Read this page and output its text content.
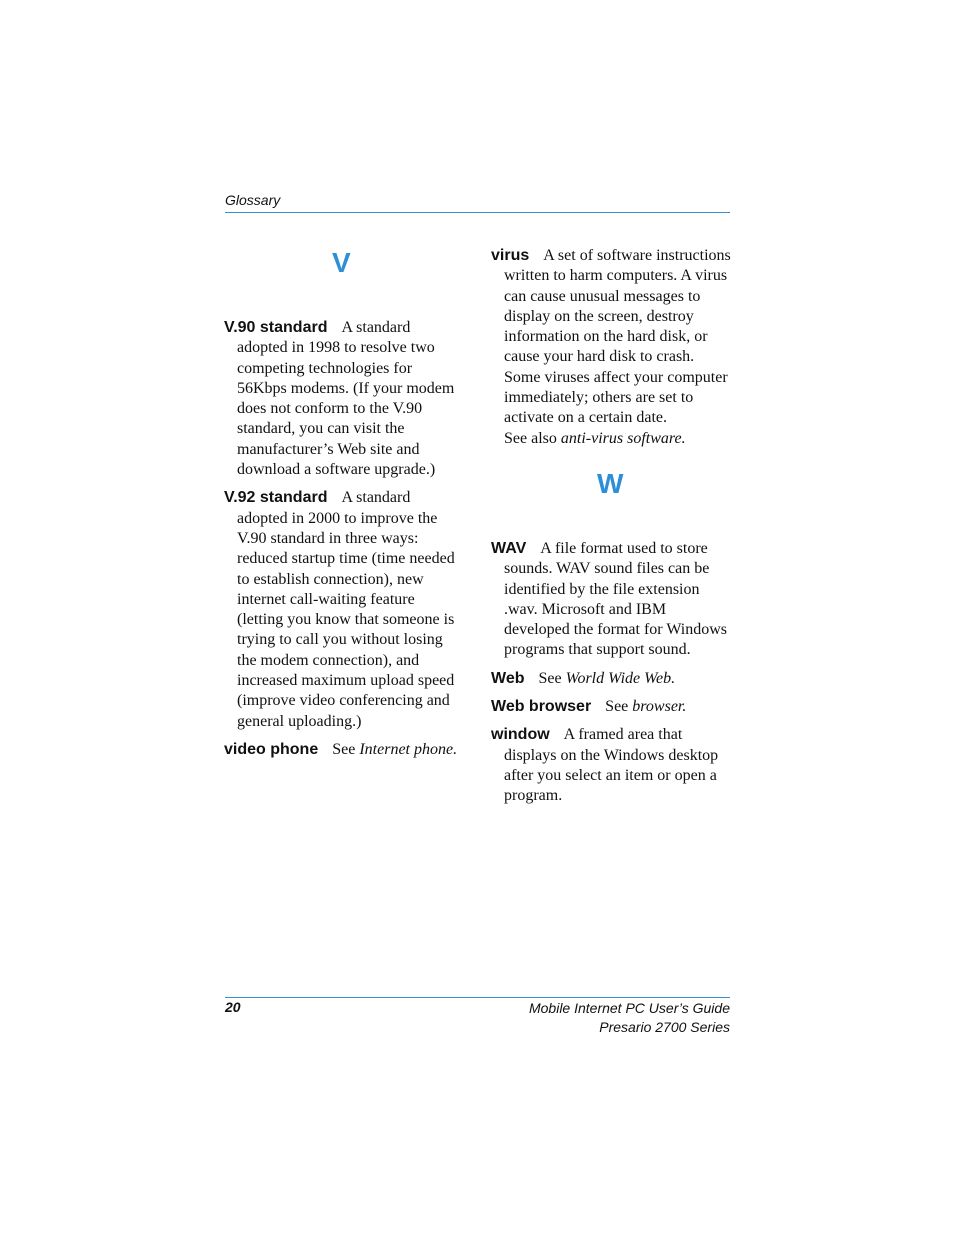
Glossary
V
V.90 standard A standard adopted in 1998 to resolve two competing technologies for 56Kbps modems. (If your modem does not conform to the V.90 standard, you can visit the manufacturer’s Web site and download a software upgrade.)
V.92 standard A standard adopted in 2000 to improve the V.90 standard in three ways: reduced startup time (time needed to establish connection), new internet call-waiting feature (letting you know that someone is trying to call you without losing the modem connection), and increased maximum upload speed (improve video conferencing and general uploading.)
video phone See Internet phone.
virus A set of software instructions written to harm computers. A virus can cause unusual messages to display on the screen, destroy information on the hard disk, or cause your hard disk to crash. Some viruses affect your computer immediately; others are set to activate on a certain date.
See also anti-virus software.
W
WAV A file format used to store sounds. WAV sound files can be identified by the file extension .wav. Microsoft and IBM developed the format for Windows programs that support sound.
Web See World Wide Web.
Web browser See browser.
window A framed area that displays on the Windows desktop after you select an item or open a program.
20	Mobile Internet PC User’s Guide
Presario 2700 Series
